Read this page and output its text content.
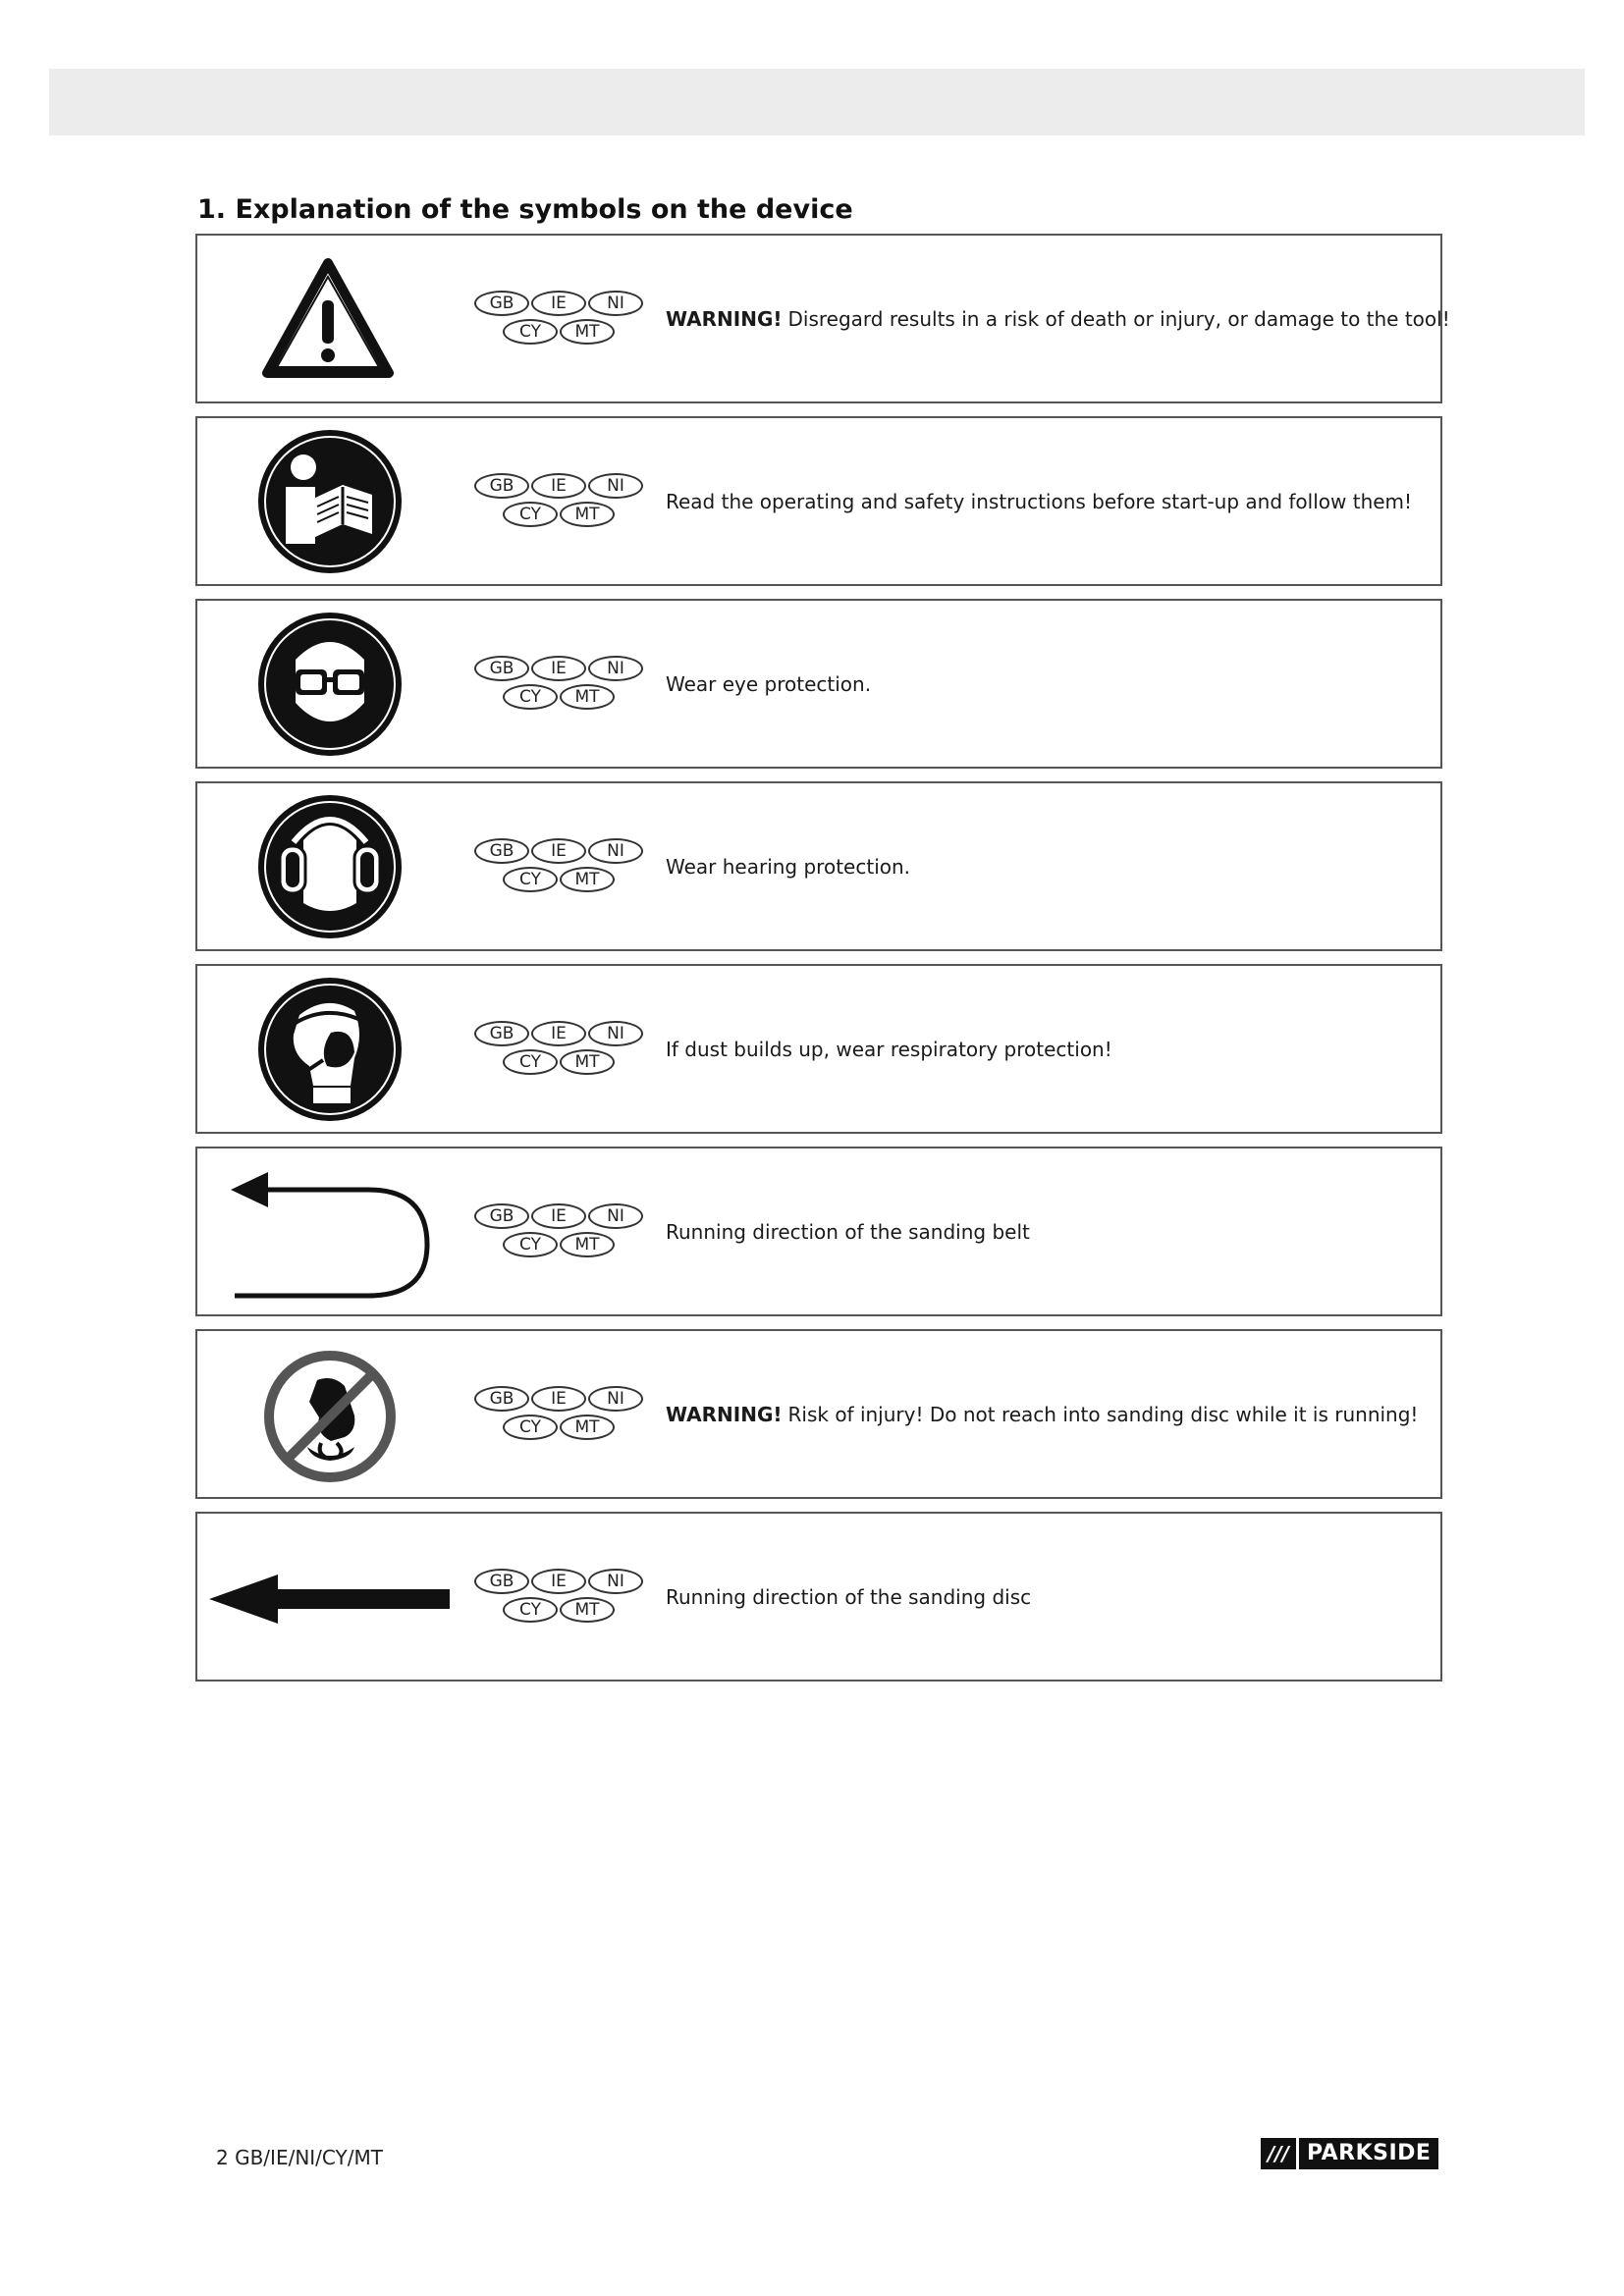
1. Explanation of the symbols on the device
GB	IE	NI
CY	MT
WARNING! Disregard results in a risk of death or injury, or damage to the tool!
GB	IE	NI
CY	MT
Read the operating and safety instructions before start-up and follow them!
GB	IE	NI
CY	MT
Wear eye protection.
GB	IE	NI
CY	MT
Wear hearing protection.
GB	IE	NI
CY	MT
If dust builds up, wear respiratory protection!
GB	IE	NI
CY	MT
Running direction of the sanding belt
GB	IE	NI
CY	MT
WARNING! Risk of injury! Do not reach into sanding disc while it is running!
GB	IE	NI
CY	MT
Running direction of the sanding disc
2 GB/IE/NI/CY/MT	/// PARKSIDE
